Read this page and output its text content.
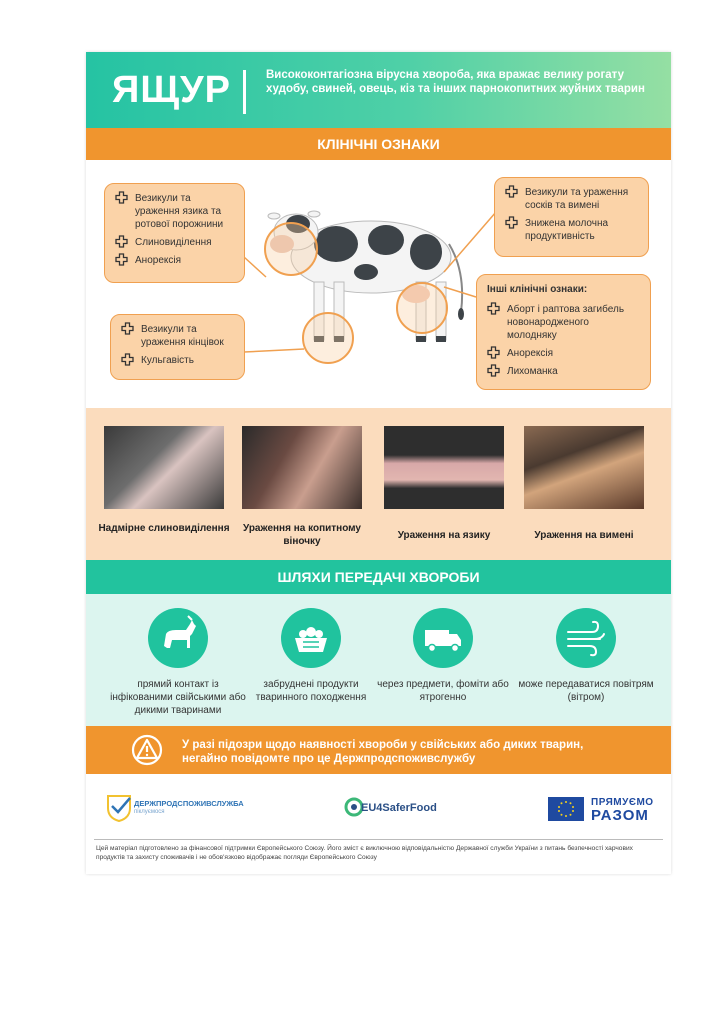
ЯЩУР	Висококонтагіозна вірусна хвороба, яка вражає велику рогату худобу, свиней, овець, кіз та інших парнокопитних жуйних тварин
КЛІНІЧНІ ОЗНАКИ
Везикули та ураження язика та ротової порожнини
Слиновиділення
Анорексія
Везикули та ураження сосків та вимені
Знижена молочна продуктивність
Везикули та ураження кінцівок
Кульгавість
Інші клінічні ознаки:
Аборт і раптова загибель новонародженого молодняку
Анорексія
Лихоманка
Надмірне слиновиділення	Ураження на копитному віночку
Ураження на язику	Ураження на вимені
ШЛЯХИ ПЕРЕДАЧІ ХВОРОБИ
прямий контакт із інфікованими свійськими або дикими тваринами
забруднені продукти тваринного походження
через предмети, фоміти або ятрогенно
може передаватися повітрям (вітром)
У разі підозри щодо наявності хвороби у свійських або диких тварин, негайно повідомте про це Держпродспоживслужбу
ДЕРЖПРОДСПОЖИВСЛУЖБА
піклуємося	EU4SaferFood	ПРЯМУЄМО
РАЗОМ
Цей матеріал підготовлено за фінансової підтримки Європейського Союзу. Його зміст є виключною відповідальністю Державної служби України з питань безпечності харчових продуктів та захисту споживачів і не обов'язково відображає погляди Європейського Союзу
